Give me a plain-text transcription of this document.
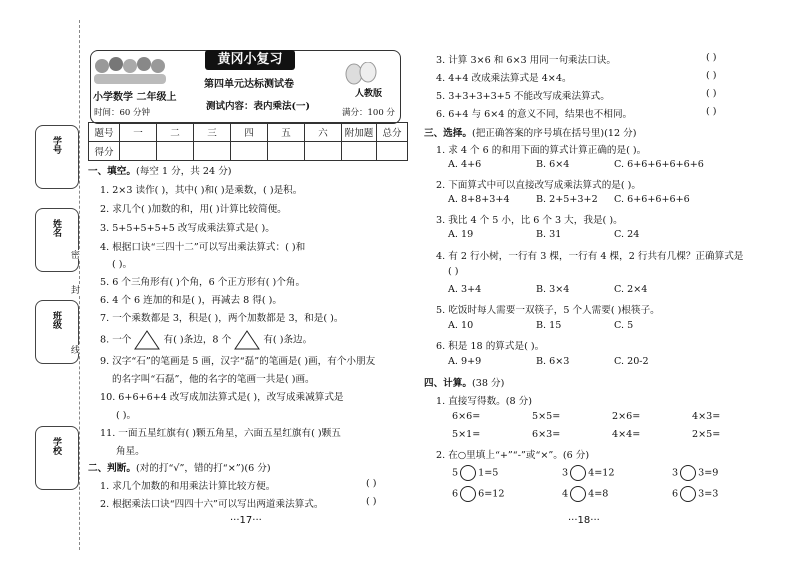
学号
姓名
班级
学校
密
封
线
黄冈小复习
小学数学 二年级上
第四单元达标测试卷
人教版
时间：60 分钟
测试内容：表内乘法(一)
满分：100 分
题号	一	二	三	四	五	六	附加题	总分
得分								
一、填空。(每空 1 分，共 24 分)
1. 2×3 读作( )，其中( )和( )是乘数，( )是积。
2. 求几个( )加数的和，用( )计算比较简便。
3. 5+5+5+5+5 改写成乘法算式是( )。
4. 根据口诀“三四十二”可以写出乘法算式：( )和
( )。
5. 6 个三角形有( )个角，6 个正方形有( )个角。
6. 4 个 6 连加的和是( )，再减去 8 得( )。
7. 一个乘数都是 3，积是( )，两个加数都是 3，和是( )。
8. 一个	有( )条边，8 个	有( )条边。
9. 汉字“石”的笔画是 5 画，汉字“磊”的笔画是( )画，有个小朋友
的名字叫“石磊”，他的名字的笔画一共是( )画。
10. 6+6+6+4 改写成加法算式是( )，改写成乘减算式是
( )。
11. 一面五星红旗有( )颗五角星，六面五星红旗有( )颗五
角星。
二、判断。(对的打“√”，错的打“×”)(6 分)
1. 求几个加数的和用乘法计算比较方便。	( )
2. 根据乘法口诀“四四十六”可以写出两道乘法算式。	( )
···17···
3. 计算 3×6 和 6×3 用同一句乘法口诀。	( )
4. 4+4 改成乘法算式是 4×4。	( )
5. 3+3+3+3+5 不能改写成乘法算式。	( )
6. 6+4 与 6×4 的意义不同，结果也不相同。	( )
三、选择。(把正确答案的序号填在括号里)(12 分)
1. 求 4 个 6 的和用下面的算式计算正确的是( )。
A. 4+6	B. 6×4	C. 6+6+6+6+6+6
2. 下面算式中可以直接改写成乘法算式的是( )。
A. 8+8+3+4	B. 2+5+3+2 C. 6+6+6+6+6
3. 我比 4 个 5 小，比 6 个 3 大，我是( )。
A. 19	B. 31	C. 24
4. 有 2 行小树，一行有 3 棵，一行有 4 棵，2 行共有几棵？正确算式是
( )
A. 3+4	B. 3×4	C. 2×4
5. 吃饭时每人需要一双筷子，5 个人需要( )根筷子。
A. 10	B. 15	C. 5
6. 积是 18 的算式是( )。
A. 9+9	B. 6×3	C. 20-2
四、计算。(38 分)
1. 直接写得数。(8 分)
6×6=	5×5=	2×6=	4×3=
5×1=	6×3=	4×4=	2×5=
2. 在○里填上“+”“-”或“×”。(6 分)
5 1=5	3 4=12	3 3=9
6 6=12	4 4=8	6 3=3
···18···
